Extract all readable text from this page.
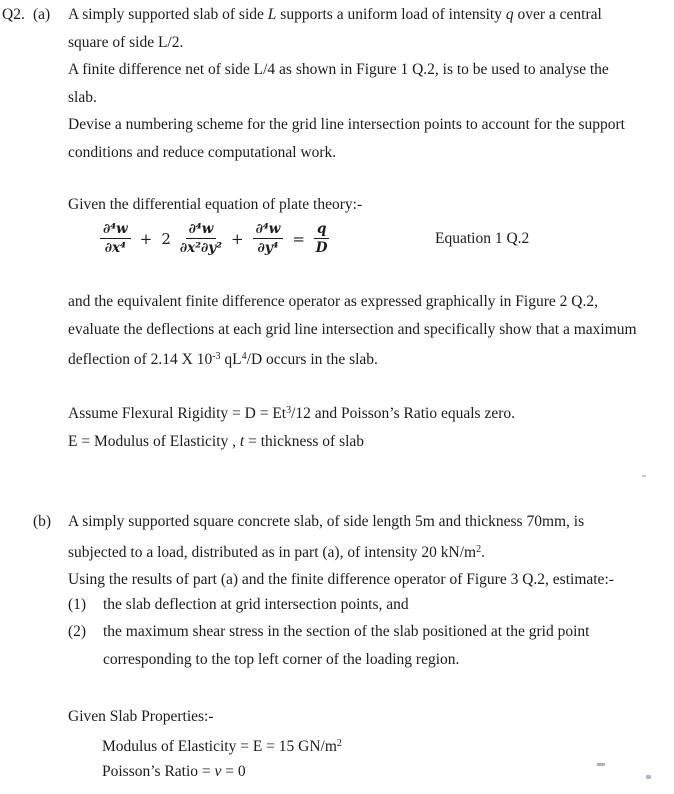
Q2. (a) A simply supported slab of side L supports a uniform load of intensity q over a central
square of side L/2.
A finite difference net of side L/4 as shown in Figure 1 Q.2, is to be used to analyse the
slab.
Devise a numbering scheme for the grid line intersection points to account for the support
conditions and reduce computational work.
Given the differential equation of plate theory:-
$\frac{\text{∂⁴w}}{\text{∂x⁴}} + 2 \frac{\text{∂⁴w}}{\text{∂x²∂y²}} + \frac{\text{∂⁴w}}{\text{∂y⁴}} = \frac{q}{D}$	Equation 1 Q.2
and the equivalent finite difference operator as expressed graphically in Figure 2 Q.2,
evaluate the deflections at each grid line intersection and specifically show that a maximum
deflection of 2.14 X $10^{-3}$ $qL^4/D$ occurs in the slab.
Assume Flexural Rigidity = $D = Et^3/12$ and Poisson’s Ratio equals zero.
E = Modulus of Elasticity , t = thickness of slab
(b) A simply supported square concrete slab, of side length 5m and thickness 70mm, is
subjected to a load, distributed as in part (a), of intensity 20 $kN/m^2$.
Using the results of part (a) and the finite difference operator of Figure 3 Q.2, estimate:-
(1) the slab deflection at grid intersection points, and
(2) the maximum shear stress in the section of the slab positioned at the grid point
corresponding to the top left corner of the loading region.
Given Slab Properties:-
Modulus of Elasticity = E = 15 $GN/m^2$
Poisson’s Ratio = v = 0
